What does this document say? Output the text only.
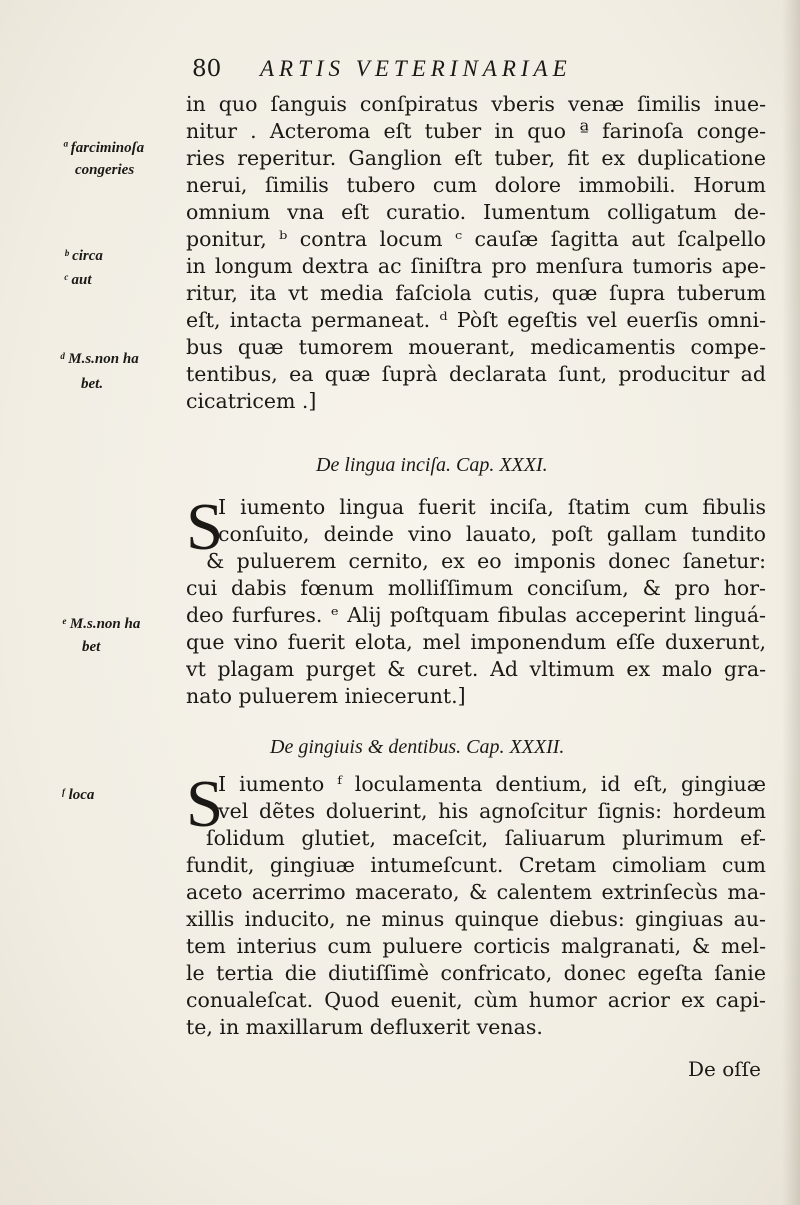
80 ARTIS VETERINARIAE
ª farciminoſa
congeries
ᵇ circa
ᶜ aut
ᵈ M.s.non ha
bet.
ᵉ M.s.non ha
bet
ᶠ loca
in quo ſanguis conſpiratus vberis venæ ſimilis inue-
nitur . Acteroma eſt tuber in quo ª farinoſa conge-
ries reperitur. Ganglion eſt tuber, fit ex duplicatione
nerui, ſimilis tubero cum dolore immobili. Horum
omnium vna eſt curatio. Iumentum colligatum de-
ponitur, ᵇ contra locum ᶜ cauſæ ſagitta aut ſcalpello
in longum dextra ac ſiniſtra pro menſura tumoris ape-
ritur, ita vt media faſciola cutis, quæ ſupra tuberum
eſt, intacta permaneat. ᵈ Pòſt egeſtis vel euerſis omni-
bus quæ tumorem mouerant, medicamentis compe-
tentibus, ea quæ ſuprà declarata ſunt, producitur ad
cicatricem .]
De lingua inciſa. Cap. XXXI.
S
I iumento lingua fuerit inciſa, ſtatim cum fibulis
conſuito, deinde vino lauato, poſt gallam tundito
& puluerem cernito, ex eo imponis donec ſanetur:
cui dabis fœnum molliſſimum conciſum, & pro hor-
deo furfures. ᵉ Alij poſtquam fibulas acceperint linguá-
que vino fuerit elota, mel imponendum eſſe duxerunt,
vt plagam purget & curet. Ad vltimum ex malo gra-
nato puluerem iniecerunt.]
De gingiuis & dentibus. Cap. XXXII.
S
I iumento ᶠ loculamenta dentium, id eſt, gingiuæ
vel dẽtes doluerint, his agnoſcitur ſignis: hordeum
ſolidum glutiet, maceſcit, ſaliuarum plurimum ef-
fundit, gingiuæ intumeſcunt. Cretam cimoliam cum
aceto acerrimo macerato, & calentem extrinſecùs ma-
xillis inducito, ne minus quinque diebus: gingiuas au-
tem interius cum puluere corticis malgranati, & mel-
le tertia die diutiſſimè confricato, donec egeſta ſanie
conualeſcat. Quod euenit, cùm humor acrior ex capi-
te, in maxillarum defluxerit venas.
De oſſe
